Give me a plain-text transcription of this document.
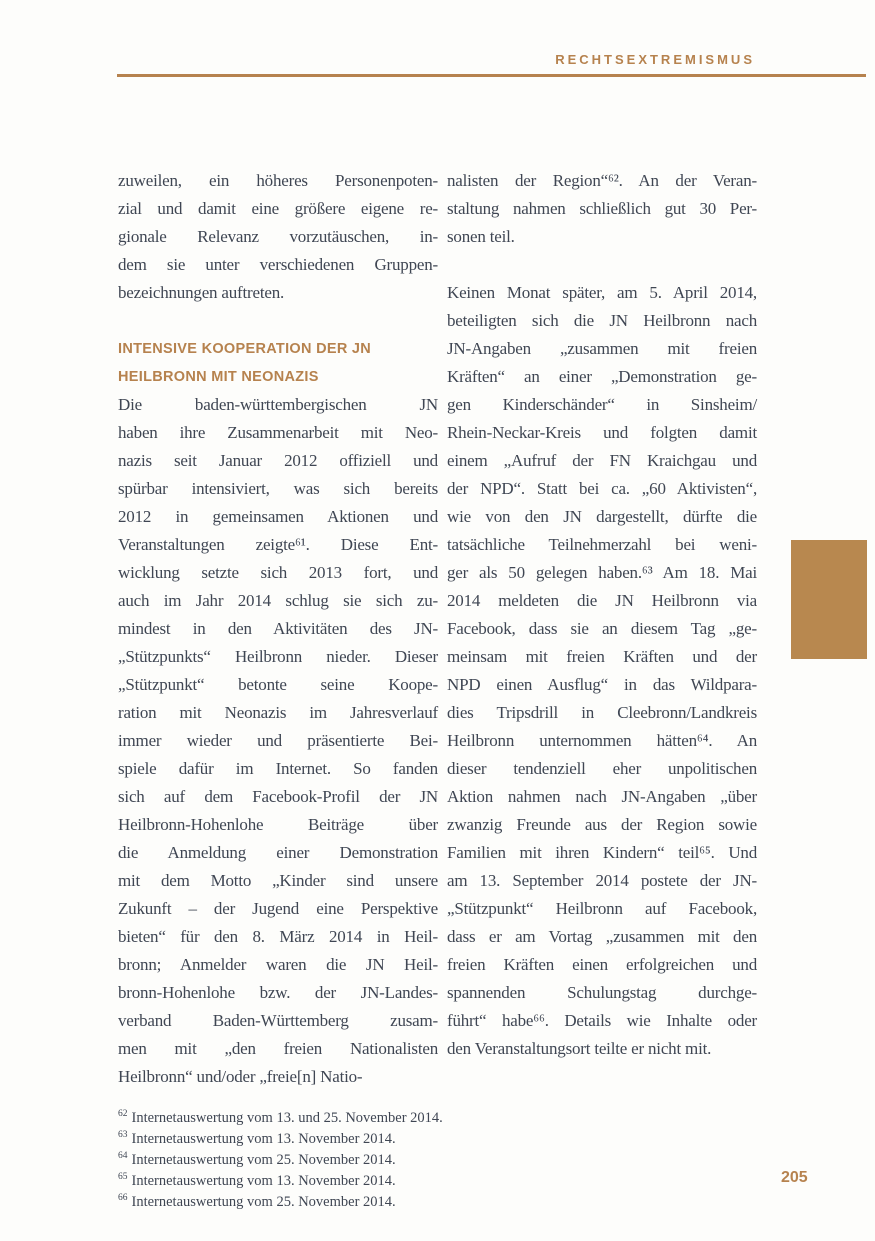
RECHTSEXTREMISMUS
zuweilen, ein höheres Personenpoten-
zial und damit eine größere eigene re-
gionale Relevanz vorzutäuschen, in-
dem sie unter verschiedenen Gruppen-
bezeichnungen auftreten.
INTENSIVE KOOPERATION DER JN
HEILBRONN MIT NEONAZIS
Die baden-württembergischen JN
haben ihre Zusammenarbeit mit Neo-
nazis seit Januar 2012 offiziell und
spürbar intensiviert, was sich bereits
2012 in gemeinsamen Aktionen und
Veranstaltungen zeigte⁶¹. Diese Ent-
wicklung setzte sich 2013 fort, und
auch im Jahr 2014 schlug sie sich zu-
mindest in den Aktivitäten des JN-
„Stützpunkts“ Heilbronn nieder. Dieser
„Stützpunkt“ betonte seine Koope-
ration mit Neonazis im Jahresverlauf
immer wieder und präsentierte Bei-
spiele dafür im Internet. So fanden
sich auf dem Facebook-Profil der JN
Heilbronn-Hohenlohe Beiträge über
die Anmeldung einer Demonstration
mit dem Motto „Kinder sind unsere
Zukunft – der Jugend eine Perspektive
bieten“ für den 8. März 2014 in Heil-
bronn; Anmelder waren die JN Heil-
bronn-Hohenlohe bzw. der JN-Landes-
verband Baden-Württemberg zusam-
men mit „den freien Nationalisten
Heilbronn“ und/oder „freie[n] Natio-
nalisten der Region“⁶². An der Veran-
staltung nahmen schließlich gut 30 Per-
sonen teil.
Keinen Monat später, am 5. April 2014,
beteiligten sich die JN Heilbronn nach
JN-Angaben „zusammen mit freien
Kräften“ an einer „Demonstration ge-
gen Kinderschänder“ in Sinsheim/
Rhein-Neckar-Kreis und folgten damit
einem „Aufruf der FN Kraichgau und
der NPD“. Statt bei ca. „60 Aktivisten“,
wie von den JN dargestellt, dürfte die
tatsächliche Teilnehmerzahl bei weni-
ger als 50 gelegen haben.⁶³ Am 18. Mai
2014 meldeten die JN Heilbronn via
Facebook, dass sie an diesem Tag „ge-
meinsam mit freien Kräften und der
NPD einen Ausflug“ in das Wildpara-
dies Tripsdrill in Cleebronn/Landkreis
Heilbronn unternommen hätten⁶⁴. An
dieser tendenziell eher unpolitischen
Aktion nahmen nach JN-Angaben „über
zwanzig Freunde aus der Region sowie
Familien mit ihren Kindern“ teil⁶⁵. Und
am 13. September 2014 postete der JN-
„Stützpunkt“ Heilbronn auf Facebook,
dass er am Vortag „zusammen mit den
freien Kräften einen erfolgreichen und
spannenden Schulungstag durchge-
führt“ habe⁶⁶. Details wie Inhalte oder
den Veranstaltungsort teilte er nicht mit.
$^{62}$ Internetauswertung vom 13. und 25. November 2014.
$^{63}$ Internetauswertung vom 13. November 2014.
$^{64}$ Internetauswertung vom 25. November 2014.
$^{65}$ Internetauswertung vom 13. November 2014.
$^{66}$ Internetauswertung vom 25. November 2014.
205
